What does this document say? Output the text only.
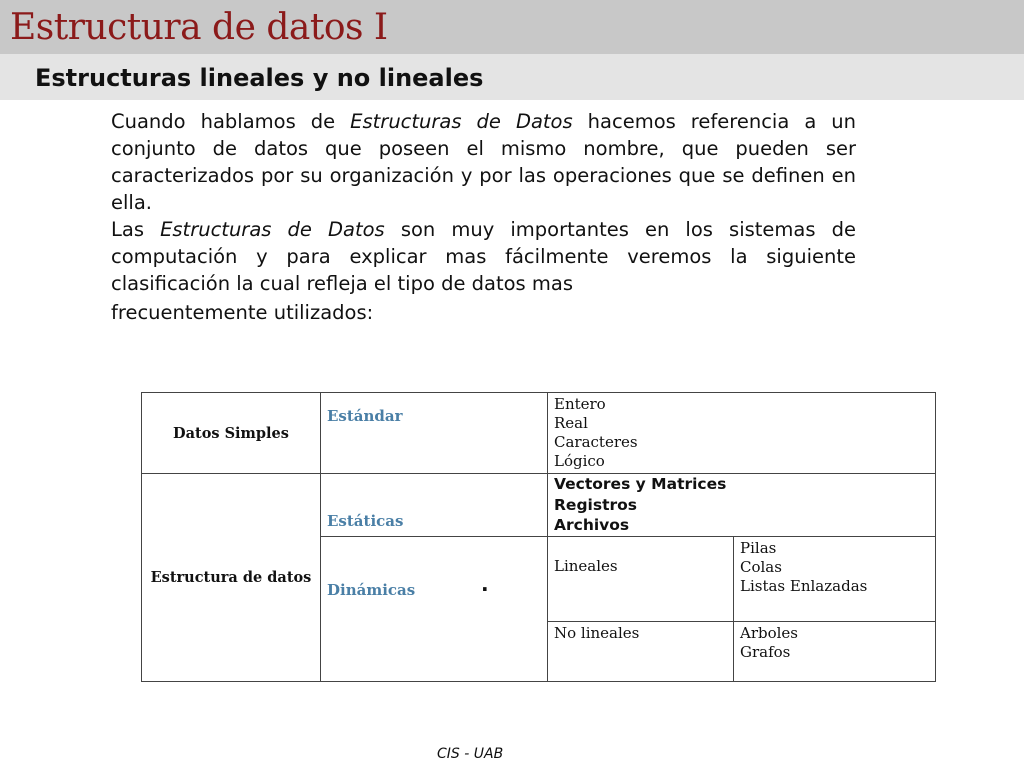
Estructura de datos I
Estructuras lineales y no lineales

Cuando hablamos de Estructuras de Datos hacemos referencia a un conjunto de datos que poseen el mismo nombre, que pueden ser caracterizados por su organización y por las operaciones que se definen en ella.

Las Estructuras de Datos son muy importantes en los sistemas de computación y para explicar mas fácilmente veremos la siguiente clasificación la cual refleja el tipo de datos mas
frecuentemente utilizados:

Datos Simples	Estándar	Entero
Real
Caracteres
Lógico	

Estructura de datos	Estáticas	Vectores y Matrices
Registros
Archivos	

	Dinámicas	Lineales	Pilas
Colas
Listas Enlazadas

		No lineales	Arboles
Grafos
.
CIS - UAB
